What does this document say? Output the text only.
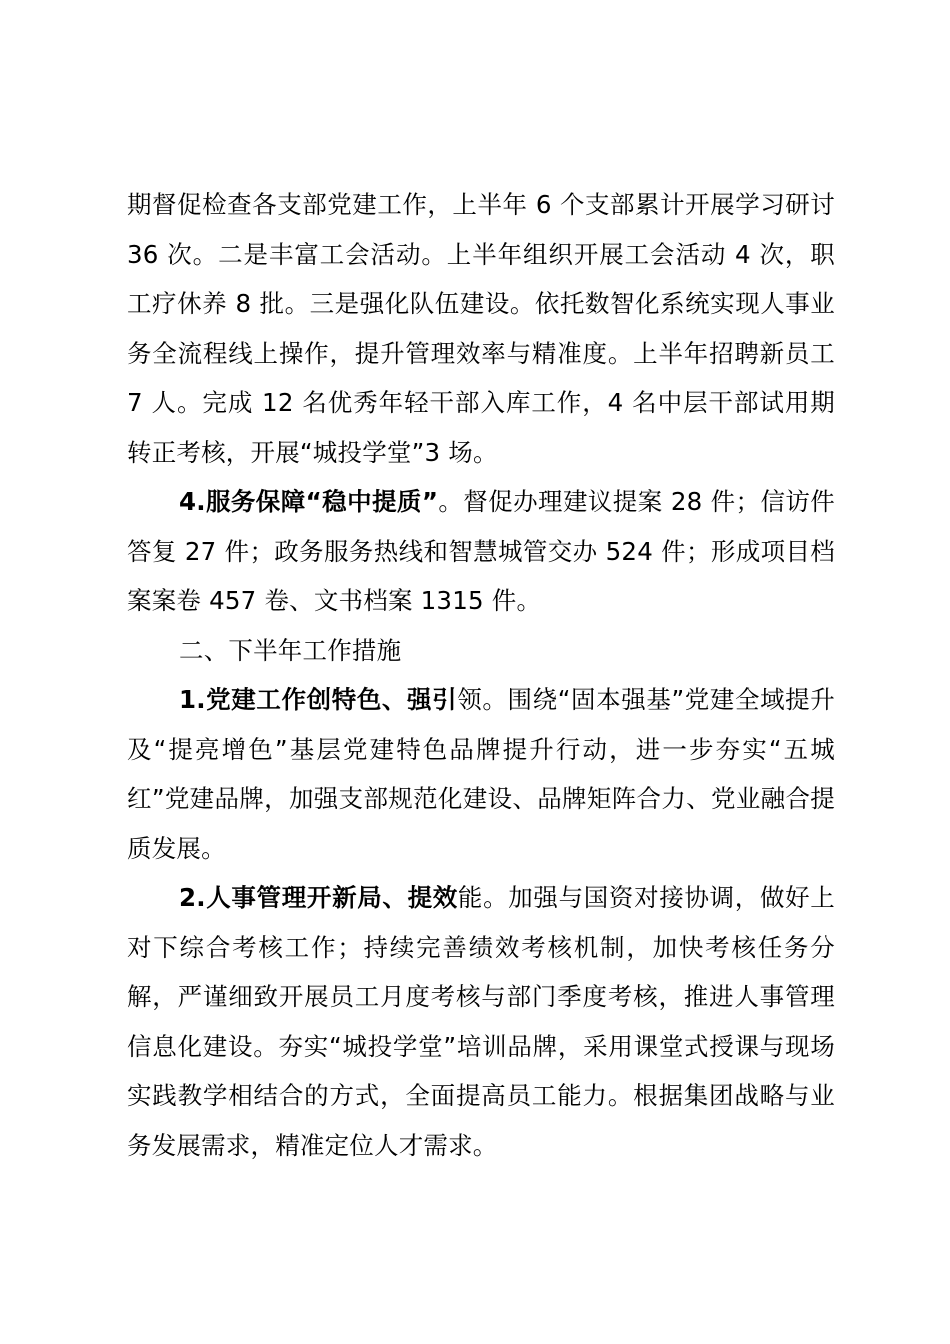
期督促检查各支部党建工作，上半年 6 个支部累计开展学习研讨 36 次。二是丰富工会活动。上半年组织开展工会活动 4 次，职工疗休养 8 批。三是强化队伍建设。依托数智化系统实现人事业务全流程线上操作，提升管理效率与精准度。上半年招聘新员工 7 人。完成 12 名优秀年轻干部入库工作，4 名中层干部试用期转正考核，开展“城投学堂”3 场。

4.服务保障“稳中提质”。督促办理建议提案 28 件；信访件答复 27 件；政务服务热线和智慧城管交办 524 件；形成项目档案案卷 457 卷、文书档案 1315 件。

二、下半年工作措施

1.党建工作创特色、强引领。围绕“固本强基”党建全域提升及“提亮增色”基层党建特色品牌提升行动，进一步夯实“五城红”党建品牌，加强支部规范化建设、品牌矩阵合力、党业融合提质发展。

2.人事管理开新局、提效能。加强与国资对接协调，做好上对下综合考核工作；持续完善绩效考核机制，加快考核任务分解，严谨细致开展员工月度考核与部门季度考核，推进人事管理信息化建设。夯实“城投学堂”培训品牌，采用课堂式授课与现场实践教学相结合的方式，全面提高员工能力。根据集团战略与业务发展需求，精准定位人才需求。
